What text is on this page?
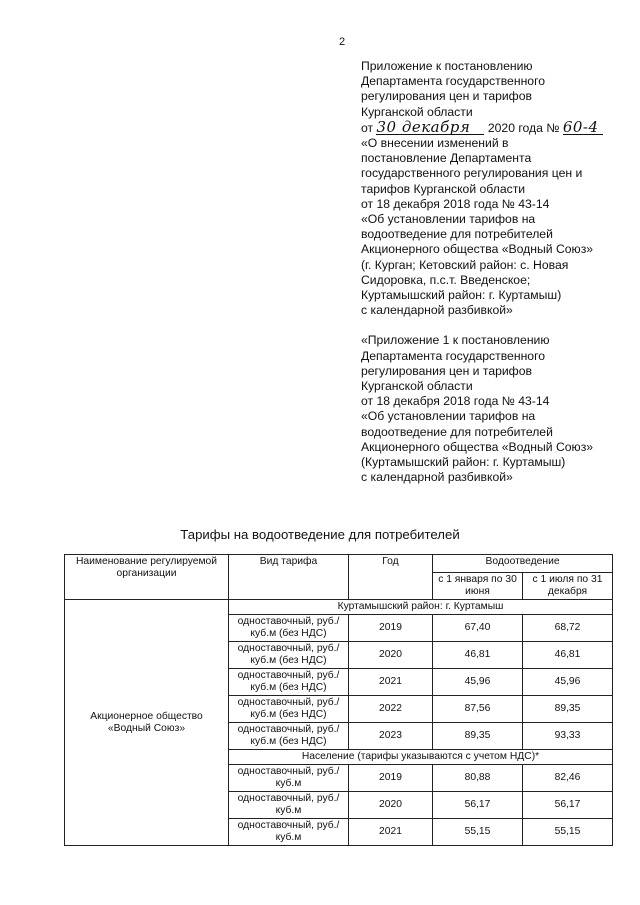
2
Приложение к постановлению
Департамента государственного
регулирования цен и тарифов
Курганской области
от 30 декабря 2020 года № 60-4
«О внесении изменений в
постановление Департамента
государственного регулирования цен и
тарифов Курганской области
от 18 декабря 2018 года № 43-14
«Об установлении тарифов на
водоотведение для потребителей
Акционерного общества «Водный Союз»
(г. Курган; Кетовский район: с. Новая
Сидоровка, п.с.т. Введенское;
Куртамышский район: г. Куртамыш)
с календарной разбивкой»
«Приложение 1 к постановлению
Департамента государственного
регулирования цен и тарифов
Курганской области
от 18 декабря 2018 года № 43-14
«Об установлении тарифов на
водоотведение для потребителей
Акционерного общества «Водный Союз»
(Куртамышский район: г. Куртамыш)
с календарной разбивкой»
Тарифы на водоотведение для потребителей
Наименование регулируемой организации	Вид тарифа	Год	Водоотведение	
			с 1 января по 30 июня	с 1 июля по 31 декабря
Акционерное общество «Водный Союз»	Куртамышский район: г. Куртамыш			
	одноставочный, руб./куб.м (без НДС)	2019	67,40	68,72
	одноставочный, руб./куб.м (без НДС)	2020	46,81	46,81
	одноставочный, руб./куб.м (без НДС)	2021	45,96	45,96
	одноставочный, руб./куб.м (без НДС)	2022	87,56	89,35
	одноставочный, руб./куб.м (без НДС)	2023	89,35	93,33
	Население (тарифы указываются с учетом НДС)*			
	одноставочный, руб./куб.м	2019	80,88	82,46
	одноставочный, руб./куб.м	2020	56,17	56,17
	одноставочный, руб./куб.м	2021	55,15	55,15
